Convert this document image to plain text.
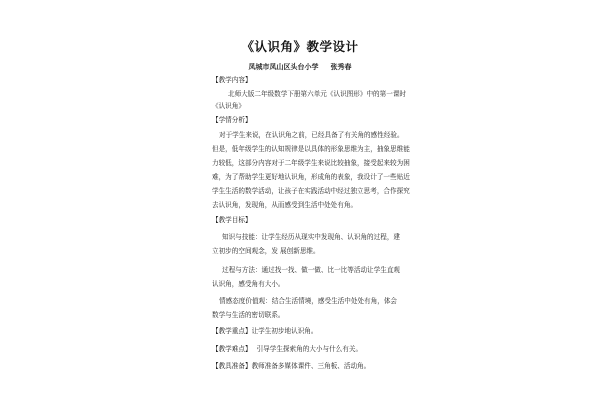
《认识角》教学设计
凤城市凤山区头台小学 张秀春
【教学内容】
北师大版二年级数学下册第六单元《认识图形》中的第一课时
《认识角》
【学情分析】
对于学生来说，在认识角之前，已经具备了有关角的感性经验。
但是，低年级学生的认知规律是以具体的形象思维为主，抽象思维能
力较低，这部分内容对于二年级学生来说比较抽象，接受起来较为困
难，为了帮助学生更好地认识角，形成角的表象，我设计了一些贴近
学生生活的数学活动，让孩子在实践活动中经过独立思考，合作探究
去认识角，发现角，从而感受到生活中处处有角。
【教学目标】
知识与技能：让学生经历从现实中发现角、认识角的过程，建
立初步的空间观念，发 展创新思维。
过程与方法：通过找一找、做一做、比一比等活动让学生直观
认识角，感受角有大小。
情感态度价值观：结合生活情境，感受生活中处处有角，体会
数学与生活的密切联系。
【教学重点】让学生初步地认识角。
【教学难点】 引导学生探索角的大小与什么有关。
【教具准备】教师准备多媒体课件、三角板、活动角。
